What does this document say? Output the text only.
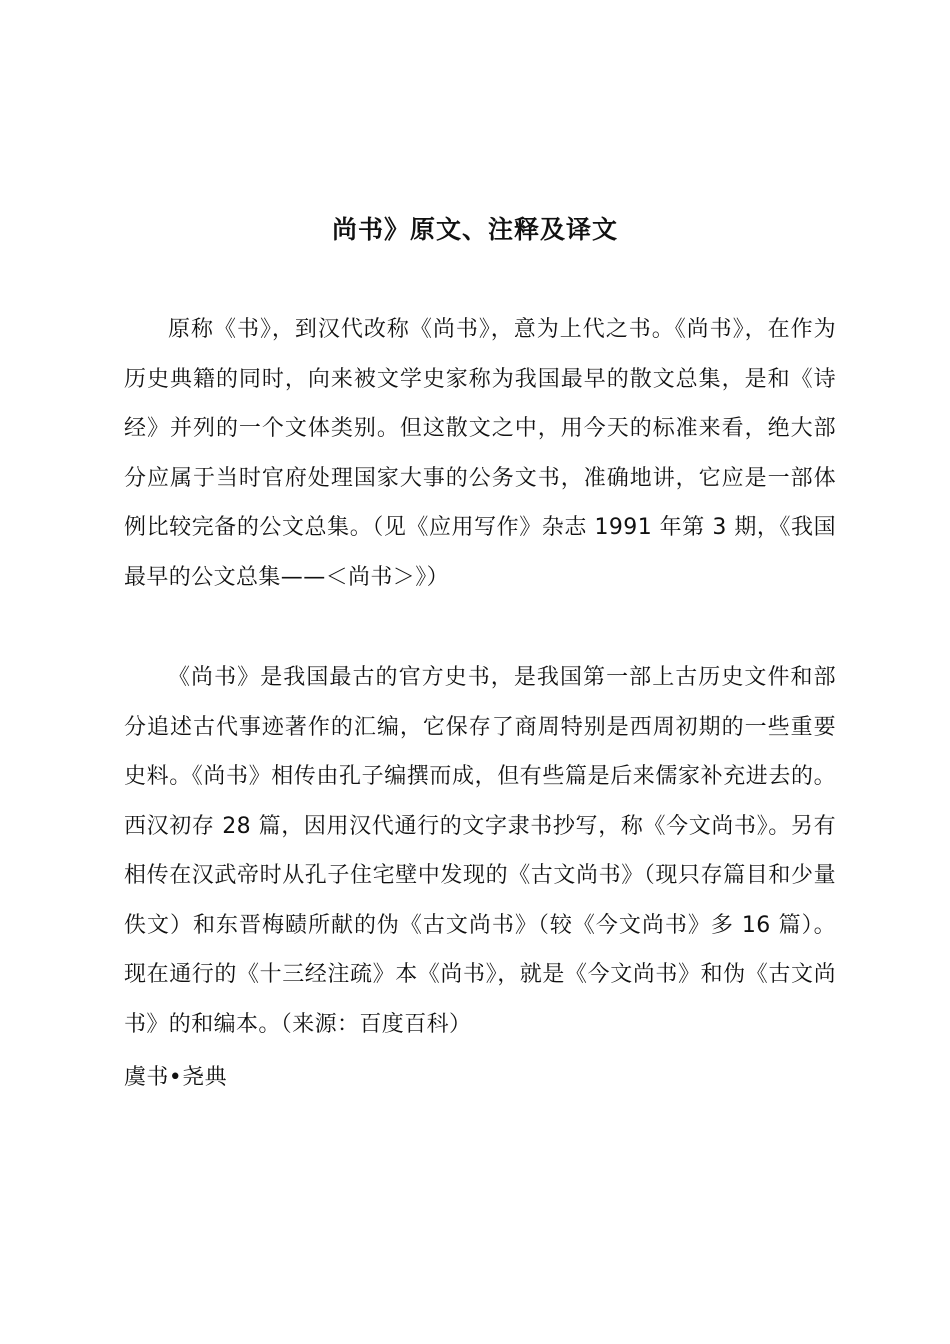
尚书》原文、注释及译文

原称《书》，到汉代改称《尚书》，意为上代之书。《尚书》，在作为历史典籍的同时，向来被文学史家称为我国最早的散文总集，是和《诗经》并列的一个文体类别。但这散文之中，用今天的标准来看，绝大部分应属于当时官府处理国家大事的公务文书，准确地讲，它应是一部体例比较完备的公文总集。（见《应用写作》杂志 1991 年第 3 期，《我国最早的公文总集——＜尚书＞》）

《尚书》是我国最古的官方史书，是我国第一部上古历史文件和部分追述古代事迹著作的汇编，它保存了商周特别是西周初期的一些重要史料。《尚书》相传由孔子编撰而成，但有些篇是后来儒家补充进去的。西汉初存 28 篇，因用汉代通行的文字隶书抄写，称《今文尚书》。另有相传在汉武帝时从孔子住宅壁中发现的《古文尚书》（现只存篇目和少量佚文）和东晋梅赜所献的伪《古文尚书》（较《今文尚书》多 16 篇）。现在通行的《十三经注疏》本《尚书》，就是《今文尚书》和伪《古文尚书》的和编本。（来源：百度百科）

虞书•尧典
